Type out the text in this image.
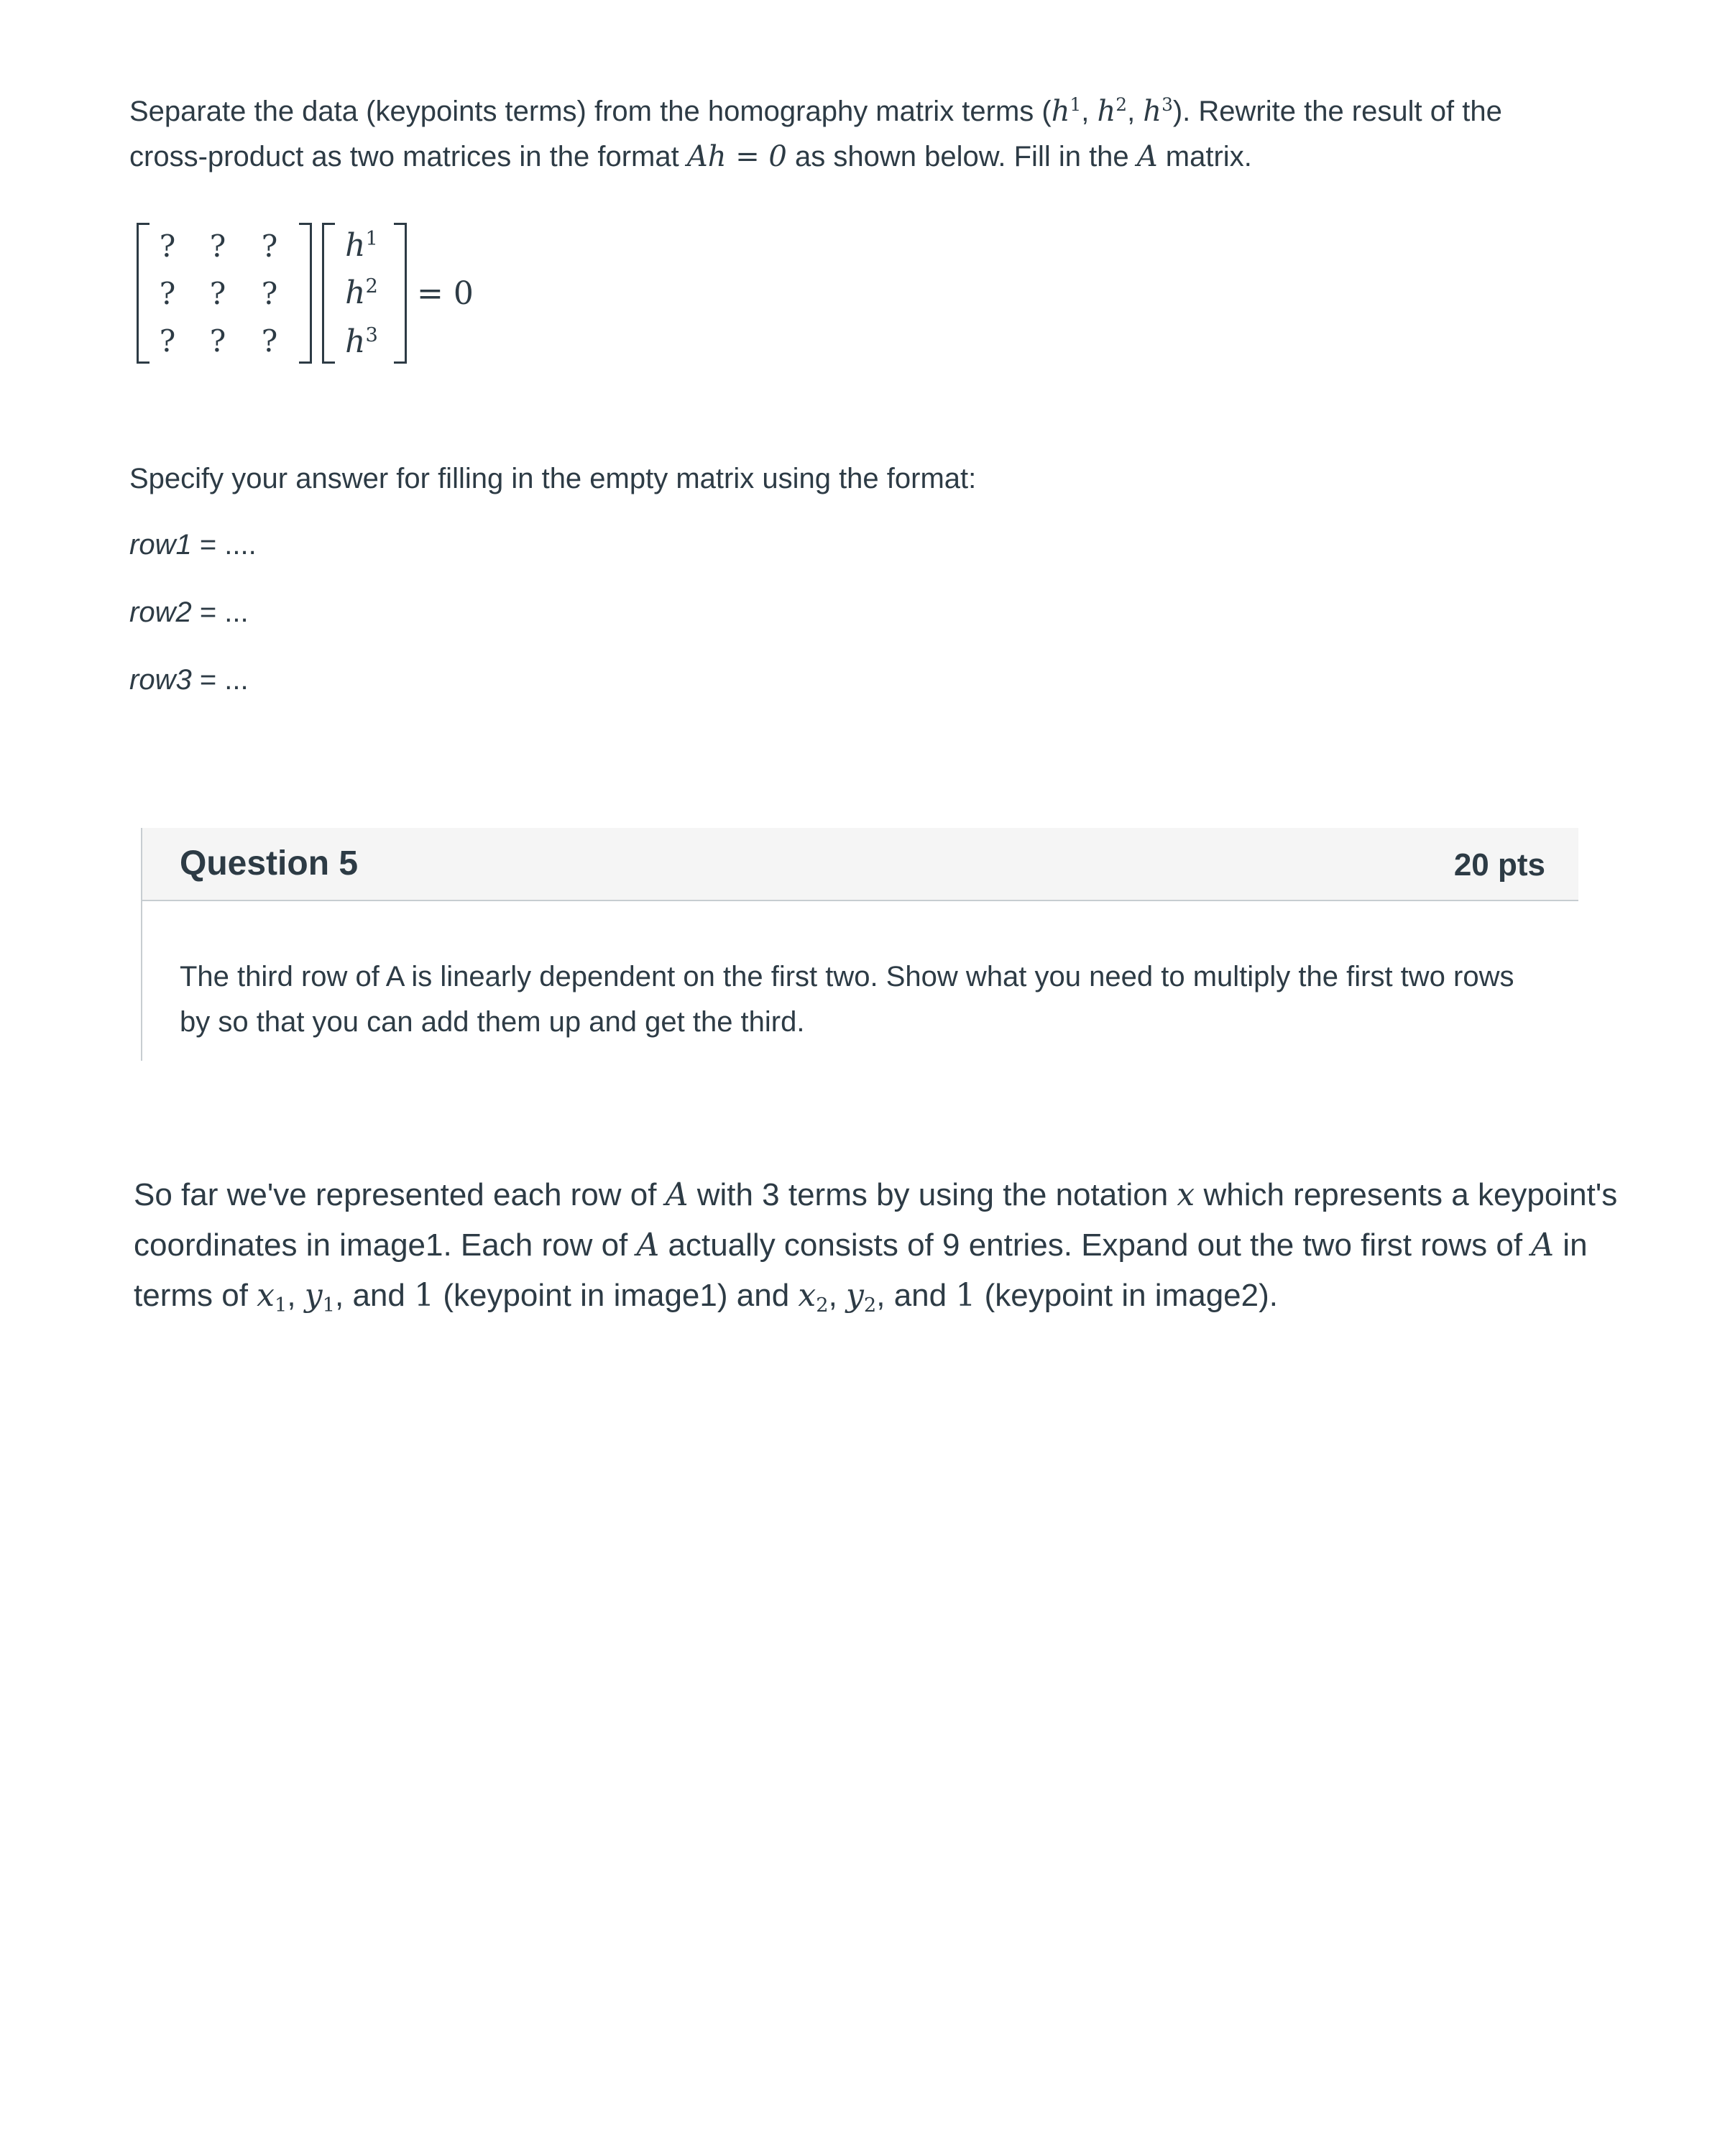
Separate the data (keypoints terms) from the homography matrix terms ($h^1$, $h^2$, $h^3$). Rewrite the result of the cross-product as two matrices in the format Ah = 0 as shown below. Fill in the A matrix.
?	?	?
?	?	?
?	?	?
$h^1$
$h^2$
$h^3$
= 0
Specify your answer for filling in the empty matrix using the format:
row1 = ....
row2 = ...
row3 = ...
Question 5	20 pts
The third row of A is linearly dependent on the first two. Show what you need to multiply the first two rows by so that you can add them up and get the third.
So far we've represented each row of A with 3 terms by using the notation x which represents a keypoint's coordinates in image1. Each row of A actually consists of 9 entries. Expand out the two first rows of A in terms of $x_1$, $y_1$, and 1 (keypoint in image1) and $x_2$, $y_2$, and 1 (keypoint in image2).
